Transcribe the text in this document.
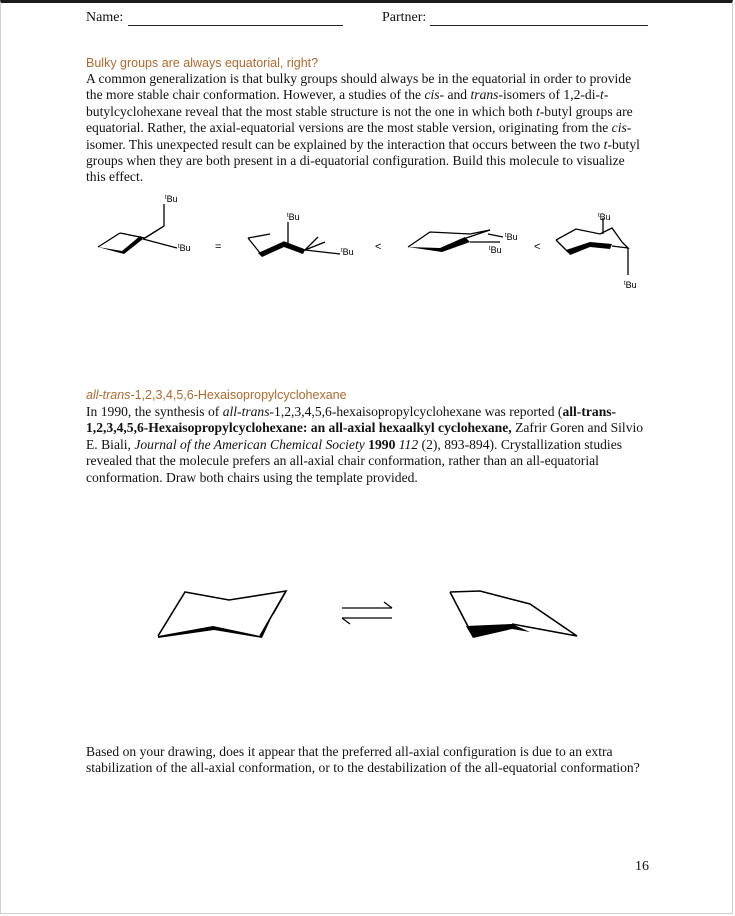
Name:	Partner:
Bulky groups are always equatorial, right?

A common generalization is that bulky groups should always be in the equatorial in order to provide the more stable chair conformation. However, a studies of the cis- and trans-isomers of 1,2-di-t-butylcyclohexane reveal that the most stable structure is not the one in which both t-butyl groups are equatorial. Rather, the axial-equatorial versions are the most stable version, originating from the cis-isomer. This unexpected result can be explained by the interaction that occurs between the two t-butyl groups when they are both present in a di-equatorial configuration. Build this molecule to visualize this effect.

$^t$Bu
$^t$Bu =
$^t$Bu
$^t$Bu <
$^t$Bu
$^t$Bu	<
$^t$Bu
$^t$Bu
all-trans-1,2,3,4,5,6-Hexaisopropylcyclohexane

In 1990, the synthesis of all-trans-1,2,3,4,5,6-hexaisopropylcyclohexane was reported (all-trans-1,2,3,4,5,6-Hexaisopropylcyclohexane: an all-axial hexaalkyl cyclohexane, Zafrir Goren and Silvio E. Biali, Journal of the American Chemical Society 1990 112 (2), 893-894). Crystallization studies revealed that the molecule prefers an all-axial chair conformation, rather than an all-equatorial conformation. Draw both chairs using the template provided.

Based on your drawing, does it appear that the preferred all-axial configuration is due to an extra stabilization of the all-axial conformation, or to the destabilization of the all-equatorial conformation?

16
